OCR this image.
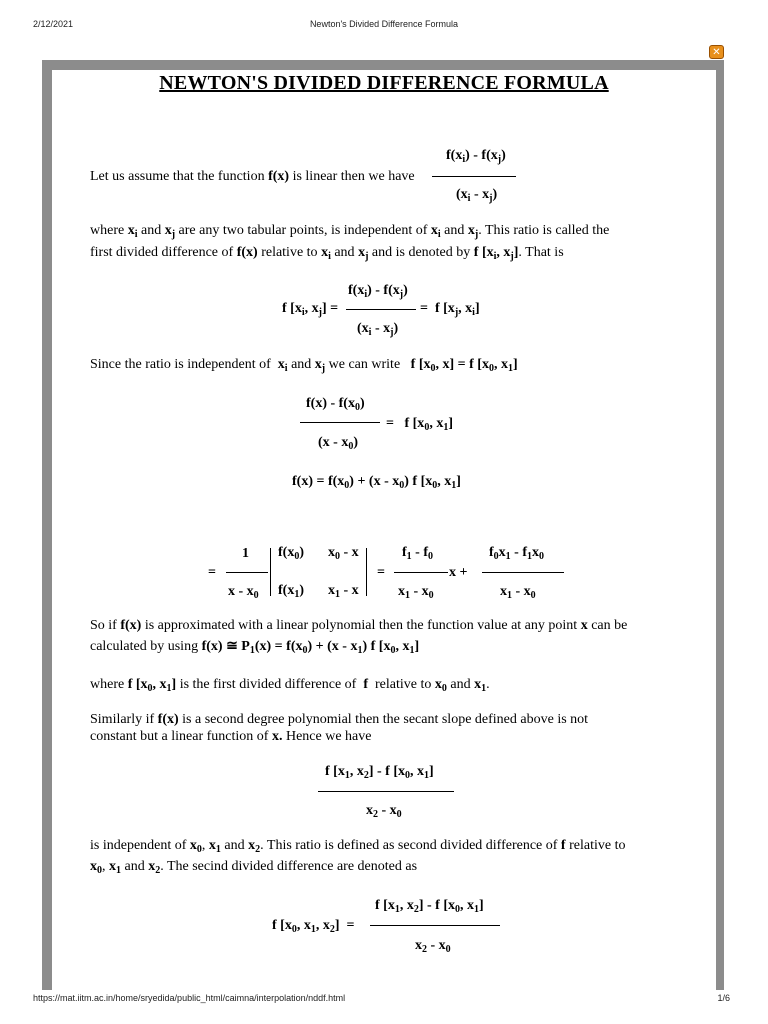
2/12/2021	Newton's Divided Difference Formula
✕
NEWTON'S DIVIDED DIFFERENCE FORMULA
Let us assume that the function f(x) is linear then we have
$f(x_i) - f(x_j)$
$(x_i - x_j)$
where $x_i$ and $x_j$ are any two tabular points, is independent of $x_i$ and $x_j$. This ratio is called the
first divided difference of f(x) relative to $x_i$ and $x_j$ and is denoted by f [$x_i$, $x_j$]. That is
f [$x_i$, $x_j$] =
$f(x_i) - f(x_j)$
$(x_i - x_j)$
=  f [$x_j$, $x_i$]
Since the ratio is independent of $x_i$ and $x_j$ we can write f [$x_0$, x] = f [$x_0$, $x_1$]
$f(x) - f(x_0)$
$(x - x_0)$
=   f [$x_0$, $x_1$]
$f(x) = f(x_0) + (x - x_0)$ f [$x_0$, $x_1$]
=
1
x - $x_0$
$f(x_0)$ $x_0$ - x
$f(x_1)$ $x_1$ - x
=
$f_1 - f_0$
$x_1 - x_0$
x +
$f_0x_1 - f_1x_0$
$x_1 - x_0$
So if f(x) is approximated with a linear polynomial then the function value at any point x can be
calculated by using f(x) ≅ $P_1(x) = f(x_0) + (x - x_1)$ f [$x_0$, $x_1$]
where f [$x_0$, $x_1$] is the first divided difference of f relative to $x_0$ and $x_1$.
Similarly if f(x) is a second degree polynomial then the secant slope defined above is not
constant but a linear function of x. Hence we have
f [$x_1$, $x_2$] - f [$x_0$, $x_1$]
$x_2 - x_0$
is independent of $x_0$, $x_1$ and $x_2$. This ratio is defined as second divided difference of f relative to
$x_0$, $x_1$ and $x_2$. The secind divided difference are denoted as
f [$x_0$, $x_1$, $x_2$]  =
f [$x_1$, $x_2$] - f [$x_0$, $x_1$]
$x_2 - x_0$
https://mat.iitm.ac.in/home/sryedida/public_html/caimna/interpolation/nddf.html	1/6
